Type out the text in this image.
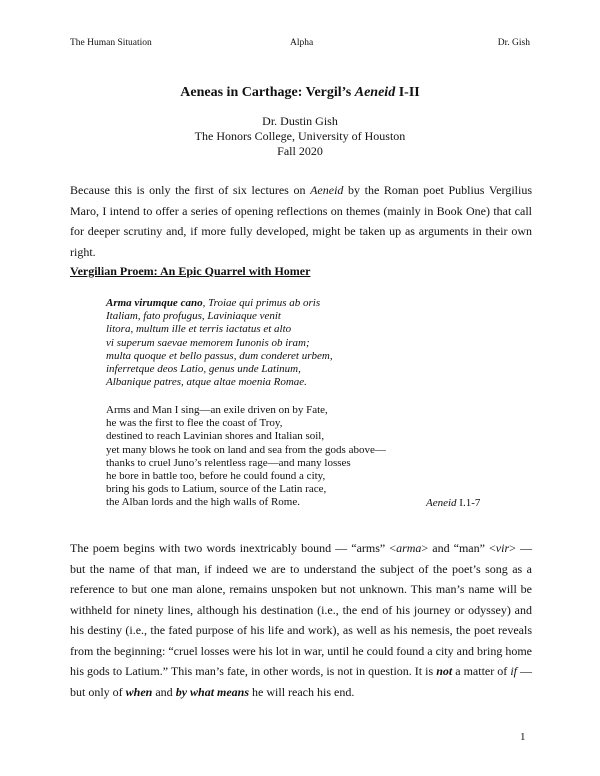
The Human Situation	Alpha	Dr. Gish
Aeneas in Carthage: Vergil’s Aeneid I-II
Dr. Dustin Gish
The Honors College, University of Houston
Fall 2020

Because this is only the first of six lectures on Aeneid by the Roman poet Publius Vergilius Maro, I intend to offer a series of opening reflections on themes (mainly in Book One) that call for deeper scrutiny and, if more fully developed, might be taken up as arguments in their own right.

Vergilian Proem: An Epic Quarrel with Homer
Arma virumque cano, Troiae qui primus ab oris
Italiam, fato profugus, Laviniaque venit
litora, multum ille et terris iactatus et alto
vi superum saevae memorem Iunonis ob iram;
multa quoque et bello passus, dum conderet urbem,
inferretque deos Latio, genus unde Latinum,
Albanique patres, atque altae moenia Romae.
Arms and Man I sing—an exile driven on by Fate,
he was the first to flee the coast of Troy,
destined to reach Lavinian shores and Italian soil,
yet many blows he took on land and sea from the gods above—
thanks to cruel Juno’s relentless rage—and many losses
he bore in battle too, before he could found a city,
bring his gods to Latium, source of the Latin race,
the Alban lords and the high walls of Rome.	Aeneid I.1-7

The poem begins with two words inextricably bound — “arms” <arma> and “man” <vir> — but the name of that man, if indeed we are to understand the subject of the poet’s song as a reference to but one man alone, remains unspoken but not unknown. This man’s name will be withheld for ninety lines, although his destination (i.e., the end of his journey or odyssey) and his destiny (i.e., the fated purpose of his life and work), as well as his nemesis, the poet reveals from the beginning: “cruel losses were his lot in war, until he could found a city and bring home his gods to Latium.” This man’s fate, in other words, is not in question. It is not a matter of if — but only of when and by what means he will reach his end.

1
